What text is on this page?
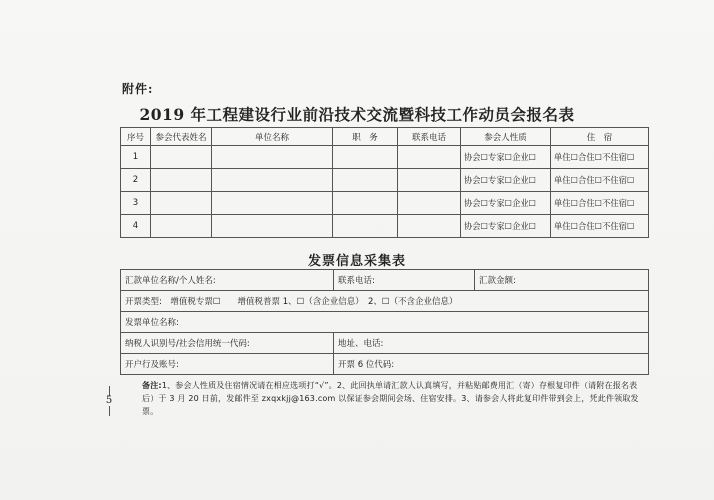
附件:
2019 年工程建设行业前沿技术交流暨科技工作动员会报名表
序号	参会代表姓名	单位名称	职　务	联系电话	参会人性质	住　宿
1					协会☐专家☐企业☐	单住☐合住☐不住宿☐
2					协会☐专家☐企业☐	单住☐合住☐不住宿☐
3					协会☐专家☐企业☐	单住☐合住☐不住宿☐
4					协会☐专家☐企业☐	单住☐合住☐不住宿☐
发票信息采集表
汇款单位名称/个人姓名:	联系电话:	汇款金额:
开票类型:　增值税专票☐　　增值税普票 1、☐（含企业信息）　2、☐（不含企业信息）		
发票单位名称:		
纳税人识别号/社会信用统一代码:	地址、电话:	
开户行及账号:	开票 6 位代码:	
备注:1、参会人性质及住宿情况请在相应选项打“√”。2、此回执单请汇款人认真填写，并粘贴邮费用汇（寄）存根复印件（请附在报名表后）于 3 月 20 日前，发邮件至 zxqxkjj@163.com 以保证参会期间会场、住宿安排。3、请参会人将此复印件带到会上，凭此件领取发票。
5
